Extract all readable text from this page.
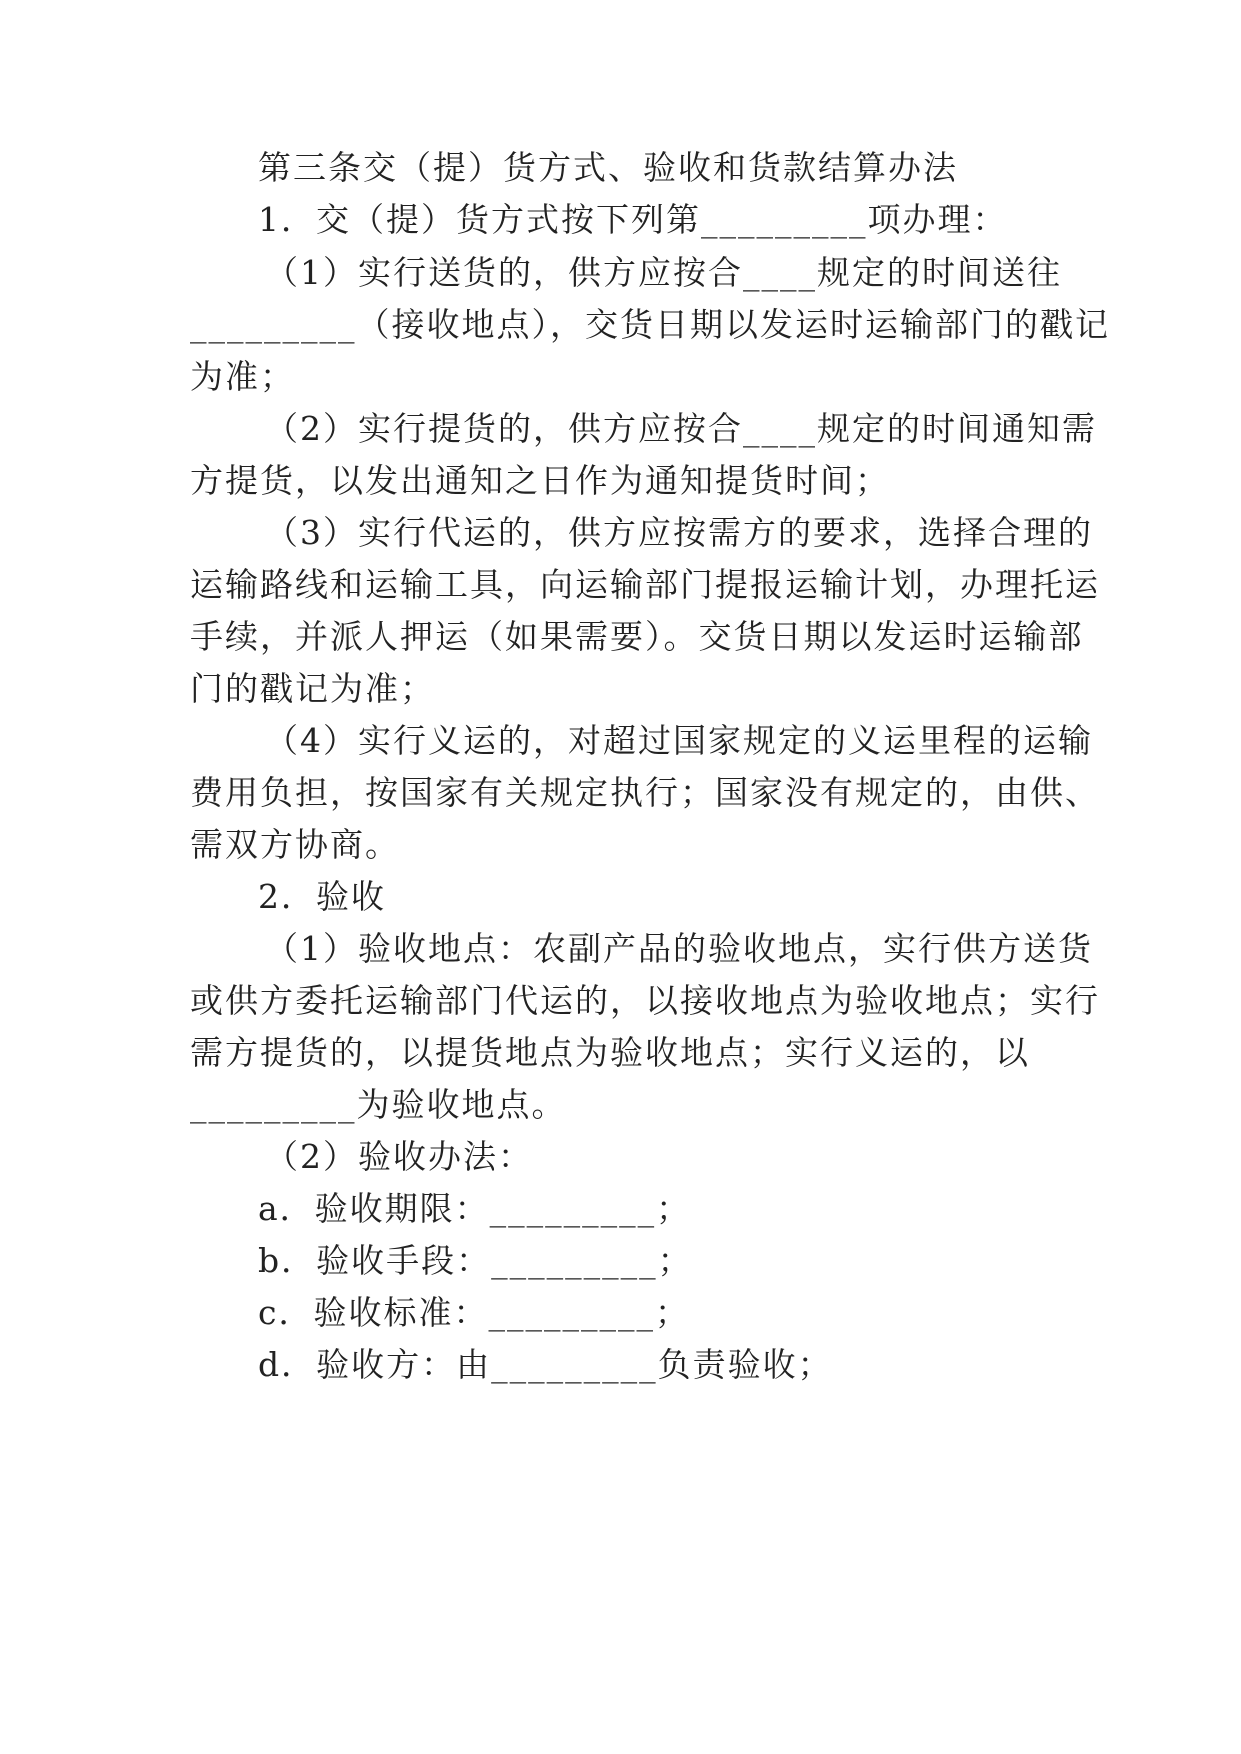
第三条交（提）货方式、验收和货款结算办法
1．交（提）货方式按下列第_________项办理：
（1）实行送货的，供方应按合____规定的时间送往
_________（接收地点），交货日期以发运时运输部门的戳记
为准；
（2）实行提货的，供方应按合____规定的时间通知需
方提货，以发出通知之日作为通知提货时间；
（3）实行代运的，供方应按需方的要求，选择合理的
运输路线和运输工具，向运输部门提报运输计划，办理托运
手续，并派人押运（如果需要）。交货日期以发运时运输部
门的戳记为准；
（4）实行义运的，对超过国家规定的义运里程的运输
费用负担，按国家有关规定执行；国家没有规定的，由供、
需双方协商。
2．验收
（1）验收地点：农副产品的验收地点，实行供方送货
或供方委托运输部门代运的，以接收地点为验收地点；实行
需方提货的，以提货地点为验收地点；实行义运的，以
_________为验收地点。
（2）验收办法：
a．验收期限：_________；
b．验收手段：_________；
c．验收标准：_________；
d．验收方：由_________负责验收；
